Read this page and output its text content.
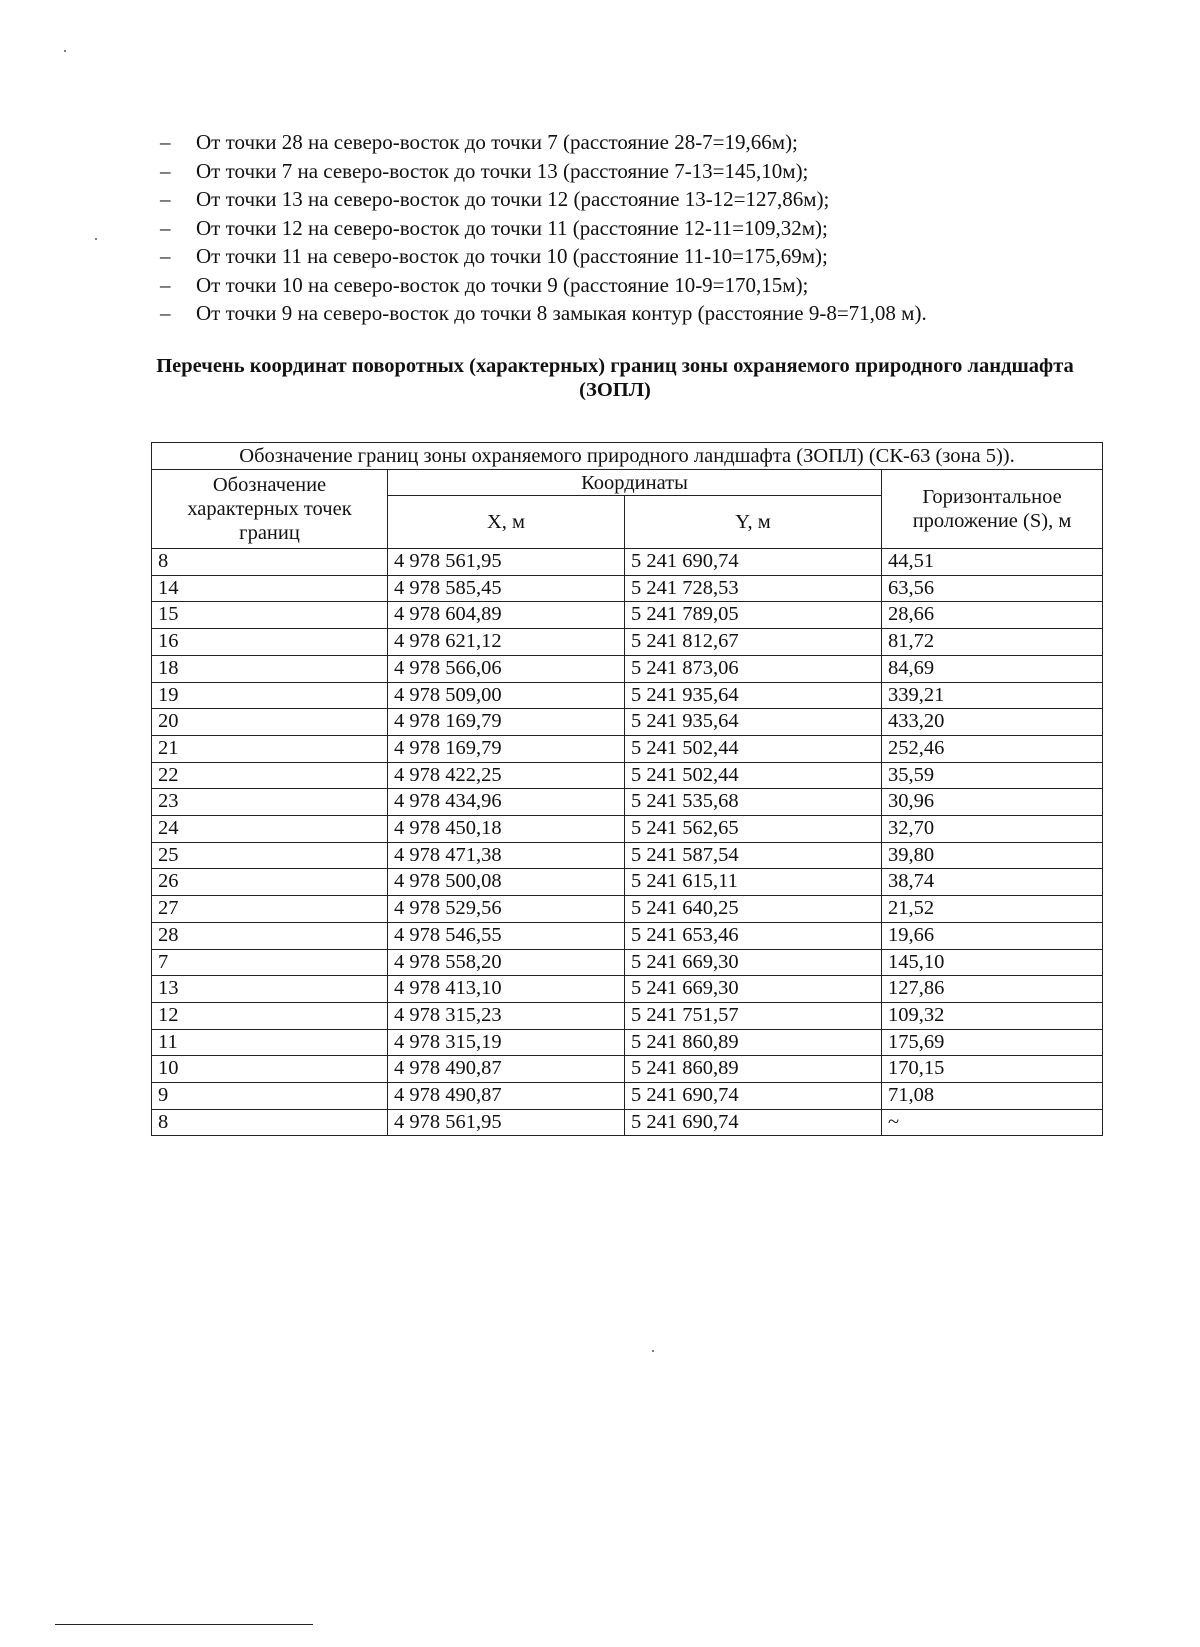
– От точки 28 на северо-восток до точки 7 (расстояние 28-7=19,66м);
– От точки 7 на северо-восток до точки 13 (расстояние 7-13=145,10м);
– От точки 13 на северо-восток до точки 12 (расстояние 13-12=127,86м);
– От точки 12 на северо-восток до точки 11 (расстояние 12-11=109,32м);
– От точки 11 на северо-восток до точки 10 (расстояние 11-10=175,69м);
– От точки 10 на северо-восток до точки 9 (расстояние 10-9=170,15м);
– От точки 9 на северо-восток до точки 8 замыкая контур (расстояние 9-8=71,08 м).
Перечень координат поворотных (характерных) границ зоны охраняемого природного ландшафта (ЗОПЛ)
Обозначение границ зоны охраняемого природного ландшафта (ЗОПЛ) (СК-63 (зона 5)).			
Обозначение характерных точек границ	Координаты		Горизонтальное проложение (S), м
	X, м	Y, м	
8	4 978 561,95	5 241 690,74	44,51
14	4 978 585,45	5 241 728,53	63,56
15	4 978 604,89	5 241 789,05	28,66
16	4 978 621,12	5 241 812,67	81,72
18	4 978 566,06	5 241 873,06	84,69
19	4 978 509,00	5 241 935,64	339,21
20	4 978 169,79	5 241 935,64	433,20
21	4 978 169,79	5 241 502,44	252,46
22	4 978 422,25	5 241 502,44	35,59
23	4 978 434,96	5 241 535,68	30,96
24	4 978 450,18	5 241 562,65	32,70
25	4 978 471,38	5 241 587,54	39,80
26	4 978 500,08	5 241 615,11	38,74
27	4 978 529,56	5 241 640,25	21,52
28	4 978 546,55	5 241 653,46	19,66
7	4 978 558,20	5 241 669,30	145,10
13	4 978 413,10	5 241 669,30	127,86
12	4 978 315,23	5 241 751,57	109,32
11	4 978 315,19	5 241 860,89	175,69
10	4 978 490,87	5 241 860,89	170,15
9	4 978 490,87	5 241 690,74	71,08
8	4 978 561,95	5 241 690,74	~
